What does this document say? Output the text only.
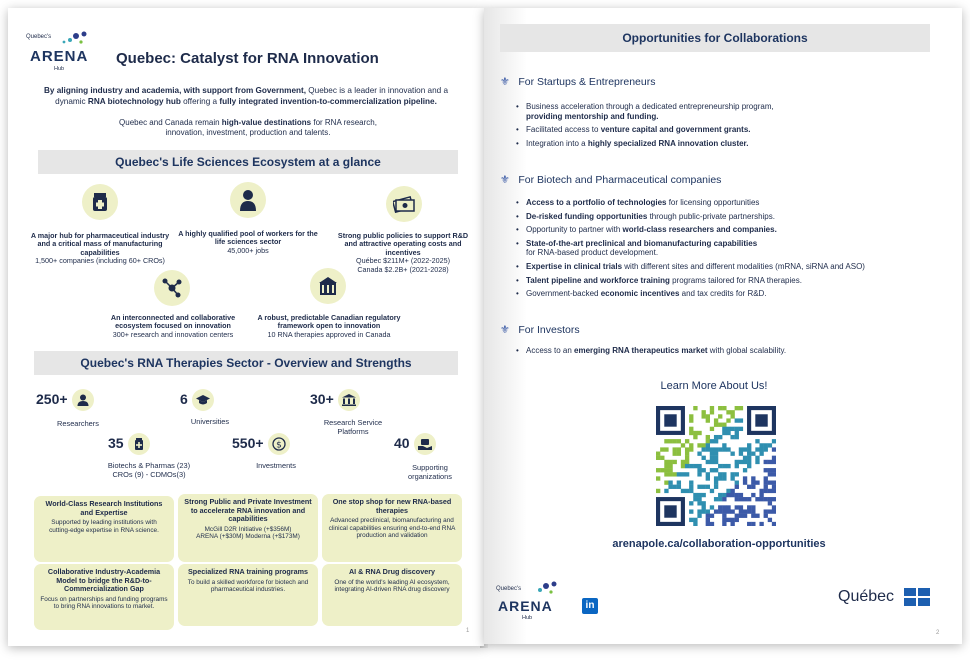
Quebec's
ARENA
Hub
Quebec: Catalyst for RNA Innovation
By aligning industry and academia, with support from Government, Quebec is a leader in innovation and a dynamic RNA biotechnology hub offering a fully integrated invention-to-commercialization pipeline.
Quebec and Canada remain high-value destinations for RNA research, innovation, investment, production and talents.
Quebec's Life Sciences Ecosystem at a glance
A major hub for pharmaceutical industry and a critical mass of manufacturing capabilities
1,500+ companies (including 60+ CROs)
A highly qualified pool of workers for the life sciences sector
45,000+ jobs
Strong public policies to support R&D and attractive operating costs and incentives
Québec $211M+ (2022-2025)
Canada $2.2B+ (2021-2028)
An interconnected and collaborative ecosystem focused on innovation
300+ research and innovation centers
A robust, predictable Canadian regulatory framework open to innovation
10 RNA therapies approved in Canada
Quebec's RNA Therapies Sector - Overview and Strengths
250+
Researchers
6
Universities
30+
Research Service Platforms
35
Biotechs & Pharmas (23)
CROs (9) - CDMOs(3)
550+ $
Investments
40
Supporting organizations
World-Class Research Institutions and Expertise
Supported by leading institutions with cutting-edge expertise in RNA science.
Strong Public and Private Investment to accelerate RNA innovation and capabilities
McGill D2R Initiative (+$356M)
ARENA (+$30M) Moderna (+$173M)
One stop shop for new RNA-based therapies
Advanced preclinical, biomanufacturing and clinical capabilities ensuring end-to-end RNA production and validation
Collaborative Industry-Academia Model to bridge the R&D-to-Commercialization Gap
Focus on partnerships and funding programs to bring RNA innovations to market.
Specialized RNA training programs
To build a skilled workforce for biotech and pharmaceutical industries.
AI & RNA Drug discovery
One of the world's leading AI ecosystem, integrating AI-driven RNA drug discovery
1
Opportunities for Collaborations
⚜ For Startups & Entrepreneurs
• Business acceleration through a dedicated entrepreneurship program,
providing mentorship and funding.
• Facilitated access to venture capital and government grants.
• Integration into a highly specialized RNA innovation cluster.
⚜ For Biotech and Pharmaceutical companies
• Access to a portfolio of technologies for licensing opportunities
• De-risked funding opportunities through public-private partnerships.
• Opportunity to partner with world-class researchers and companies.
• State-of-the-art preclinical and biomanufacturing capabilities
for RNA-based product development.
• Expertise in clinical trials with different sites and different modalities (mRNA, siRNA and ASO)
• Talent pipeline and workforce training programs tailored for RNA therapies.
• Government-backed economic incentives and tax credits for R&D.
⚜ For Investors
• Access to an emerging RNA therapeutics market with global scalability.
Learn More About Us!
arenapole.ca/collaboration-opportunities
Quebec's
ARENA
Hub
in
Québec
2
